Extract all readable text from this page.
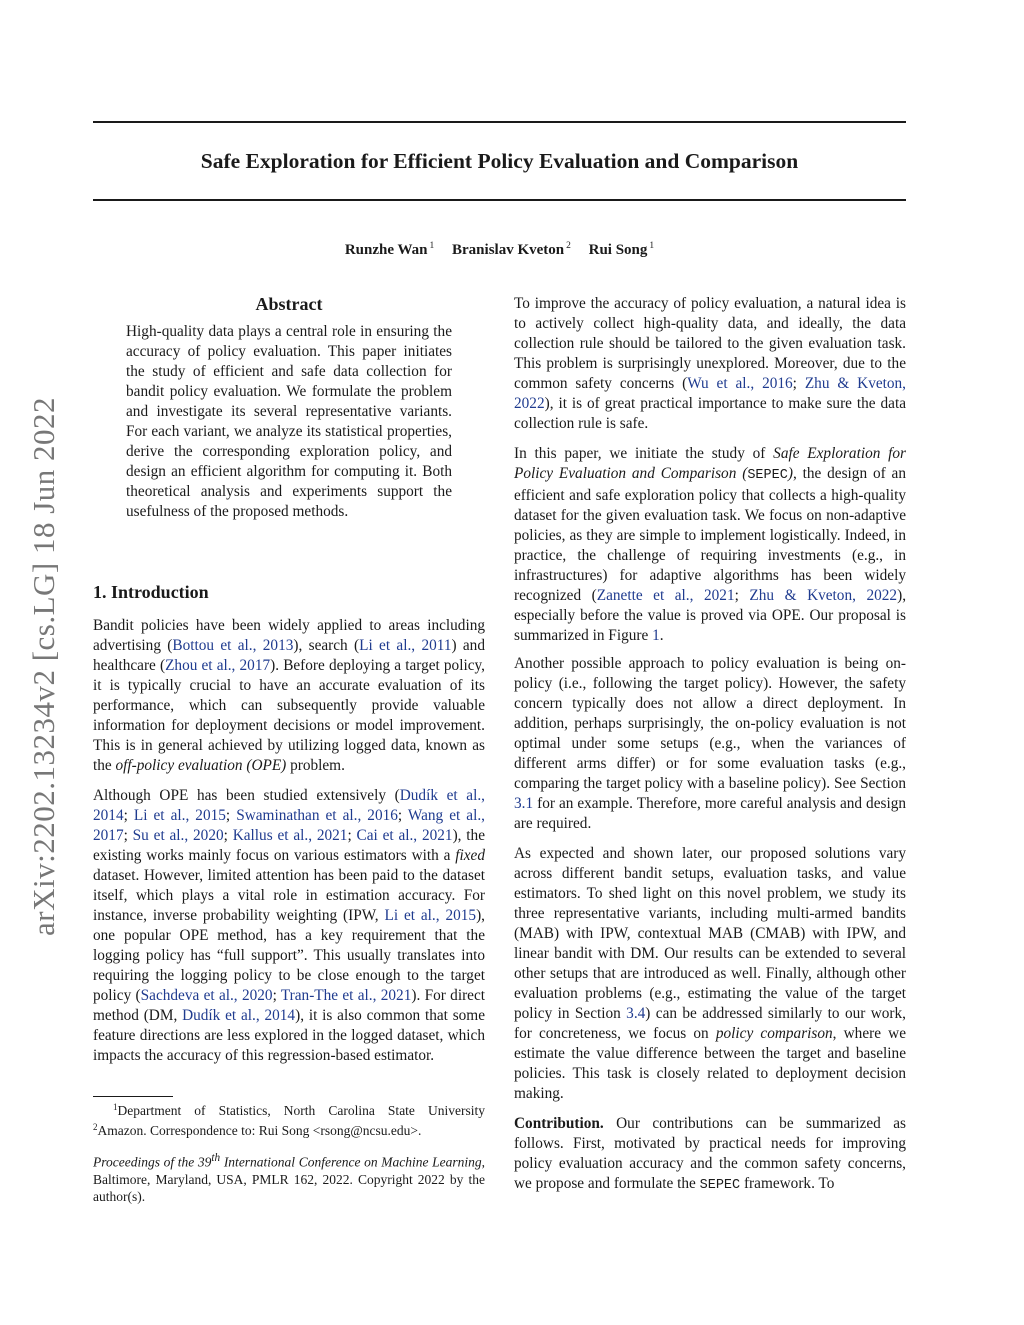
Safe Exploration for Efficient Policy Evaluation and Comparison
Runzhe Wan $^1$ Branislav Kveton $^2$ Rui Song $^1$
arXiv:2202.13234v2 [cs.LG] 18 Jun 2022
Abstract

High-quality data plays a central role in ensuring the accuracy of policy evaluation. This paper initiates the study of efficient and safe data collection for bandit policy evaluation. We formulate the problem and investigate its several representative variants. For each variant, we analyze its statistical properties, derive the corresponding exploration policy, and design an efficient algorithm for computing it. Both theoretical analysis and experiments support the usefulness of the proposed methods.

1. Introduction

Bandit policies have been widely applied to areas including advertising (Bottou et al., 2013), search (Li et al., 2011) and healthcare (Zhou et al., 2017). Before deploying a target policy, it is typically crucial to have an accurate evaluation of its performance, which can subsequently provide valuable information for deployment decisions or model improvement. This is in general achieved by utilizing logged data, known as the off-policy evaluation (OPE) problem.

Although OPE has been studied extensively (Dudík et al., 2014; Li et al., 2015; Swaminathan et al., 2016; Wang et al., 2017; Su et al., 2020; Kallus et al., 2021; Cai et al., 2021), the existing works mainly focus on various estimators with a fixed dataset. However, limited attention has been paid to the dataset itself, which plays a vital role in estimation accuracy. For instance, inverse probability weighting (IPW, Li et al., 2015), one popular OPE method, has a key requirement that the logging policy has “full support”. This usually translates into requiring the logging policy to be close enough to the target policy (Sachdeva et al., 2020; Tran-The et al., 2021). For direct method (DM, Dudík et al., 2014), it is also common that some feature directions are less explored in the logged dataset, which impacts the accuracy of this regression-based estimator.

$^1$Department of Statistics, North Carolina State University
$^2$Amazon. Correspondence to: Rui Song <rsong@ncsu.edu>.
Proceedings of the 39th International Conference on Machine Learning, Baltimore, Maryland, USA, PMLR 162, 2022. Copyright 2022 by the author(s).

To improve the accuracy of policy evaluation, a natural idea is to actively collect high-quality data, and ideally, the data collection rule should be tailored to the given evaluation task. This problem is surprisingly unexplored. Moreover, due to the common safety concerns (Wu et al., 2016; Zhu & Kveton, 2022), it is of great practical importance to make sure the data collection rule is safe.

In this paper, we initiate the study of Safe Exploration for Policy Evaluation and Comparison (SEPEC), the design of an efficient and safe exploration policy that collects a high-quality dataset for the given evaluation task. We focus on non-adaptive policies, as they are simple to implement logistically. Indeed, in practice, the challenge of requiring investments (e.g., in infrastructures) for adaptive algorithms has been widely recognized (Zanette et al., 2021; Zhu & Kveton, 2022), especially before the value is proved via OPE. Our proposal is summarized in Figure 1.

Another possible approach to policy evaluation is being on-policy (i.e., following the target policy). However, the safety concern typically does not allow a direct deployment. In addition, perhaps surprisingly, the on-policy evaluation is not optimal under some setups (e.g., when the variances of different arms differ) or for some evaluation tasks (e.g., comparing the target policy with a baseline policy). See Section 3.1 for an example. Therefore, more careful analysis and design are required.

As expected and shown later, our proposed solutions vary across different bandit setups, evaluation tasks, and value estimators. To shed light on this novel problem, we study its three representative variants, including multi-armed bandits (MAB) with IPW, contextual MAB (CMAB) with IPW, and linear bandit with DM. Our results can be extended to several other setups that are introduced as well. Finally, although other evaluation problems (e.g., estimating the value of the target policy in Section 3.4) can be addressed similarly to our work, for concreteness, we focus on policy comparison, where we estimate the value difference between the target and baseline policies. This task is closely related to deployment decision making.

Contribution. Our contributions can be summarized as follows. First, motivated by practical needs for improving policy evaluation accuracy and the common safety concerns, we propose and formulate the SEPEC framework. To
